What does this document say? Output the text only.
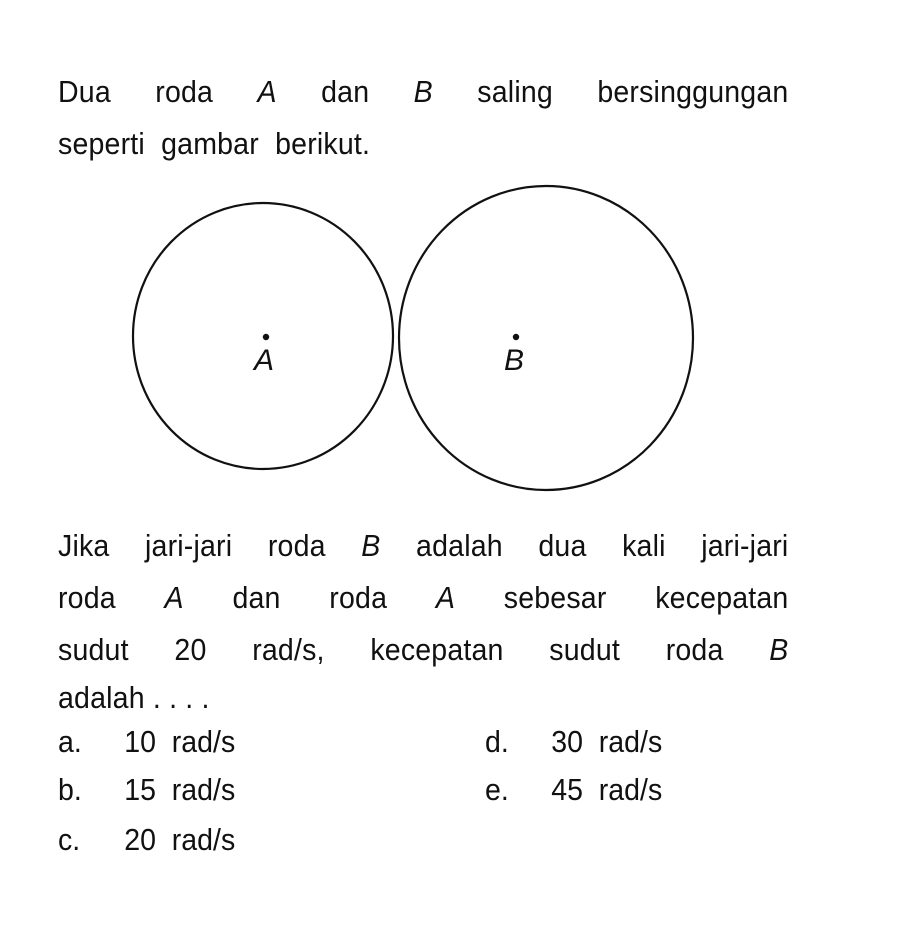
Dua roda A dan B saling bersinggungan
seperti  gambar  berikut.
A	B
Jika jari-jari roda B adalah dua kali jari-jari
roda A dan roda A sebesar kecepatan
sudut 20 rad/s, kecepatan sudut roda B
adalah . . . .
a. 10  rad/s
b. 15  rad/s
c. 20  rad/s
d. 30  rad/s
e. 45  rad/s
